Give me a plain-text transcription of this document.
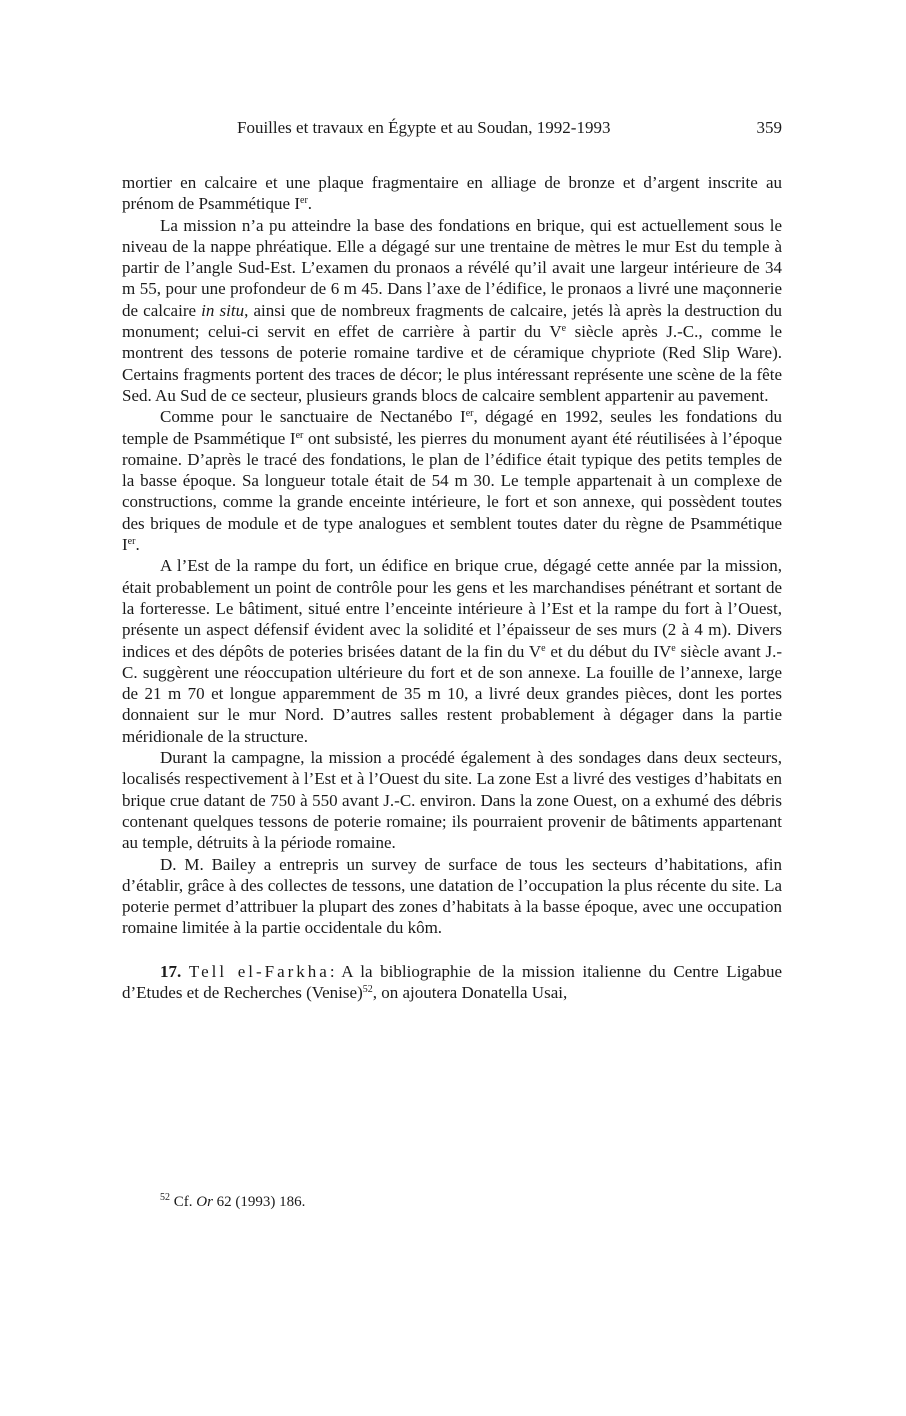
Fouilles et travaux en Égypte et au Soudan, 1992-1993	359

mortier en calcaire et une plaque fragmentaire en alliage de bronze et d’argent inscrite au prénom de Psammétique Ier.

La mission n’a pu atteindre la base des fondations en brique, qui est actuellement sous le niveau de la nappe phréatique. Elle a dégagé sur une trentaine de mètres le mur Est du temple à partir de l’angle Sud-Est. L’examen du pronaos a révélé qu’il avait une largeur intérieure de 34 m 55, pour une profondeur de 6 m 45. Dans l’axe de l’édifice, le pronaos a livré une maçonnerie de calcaire in situ, ainsi que de nombreux fragments de calcaire, jetés là après la destruction du monument; celui-ci servit en effet de carrière à partir du Ve siècle après J.-C., comme le montrent des tessons de poterie romaine tardive et de céramique chypriote (Red Slip Ware). Certains fragments portent des traces de décor; le plus intéressant représente une scène de la fête Sed. Au Sud de ce secteur, plusieurs grands blocs de calcaire semblent appartenir au pavement.

Comme pour le sanctuaire de Nectanébo Ier, dégagé en 1992, seules les fondations du temple de Psammétique Ier ont subsisté, les pierres du monument ayant été réutilisées à l’époque romaine. D’après le tracé des fondations, le plan de l’édifice était typique des petits temples de la basse époque. Sa longueur totale était de 54 m 30. Le temple appartenait à un complexe de constructions, comme la grande enceinte intérieure, le fort et son annexe, qui possèdent toutes des briques de module et de type analogues et semblent toutes dater du règne de Psammétique Ier.

A l’Est de la rampe du fort, un édifice en brique crue, dégagé cette année par la mission, était probablement un point de contrôle pour les gens et les marchandises pénétrant et sortant de la forteresse. Le bâtiment, situé entre l’enceinte intérieure à l’Est et la rampe du fort à l’Ouest, présente un aspect défensif évident avec la solidité et l’épaisseur de ses murs (2 à 4 m). Divers indices et des dépôts de poteries brisées datant de la fin du Ve et du début du IVe siècle avant J.-C. suggèrent une réoccupation ultérieure du fort et de son annexe. La fouille de l’annexe, large de 21 m 70 et longue apparemment de 35 m 10, a livré deux grandes pièces, dont les portes donnaient sur le mur Nord. D’autres salles restent probablement à dégager dans la partie méridionale de la structure.

Durant la campagne, la mission a procédé également à des sondages dans deux secteurs, localisés respectivement à l’Est et à l’Ouest du site. La zone Est a livré des vestiges d’habitats en brique crue datant de 750 à 550 avant J.-C. environ. Dans la zone Ouest, on a exhumé des débris contenant quelques tessons de poterie romaine; ils pourraient provenir de bâtiments appartenant au temple, détruits à la période romaine.

D. M. Bailey a entrepris un survey de surface de tous les secteurs d’habitations, afin d’établir, grâce à des collectes de tessons, une datation de l’occupation la plus récente du site. La poterie permet d’attribuer la plupart des zones d’habitats à la basse époque, avec une occupation romaine limitée à la partie occidentale du kôm.

17. Tell el-Farkha: A la bibliographie de la mission italienne du Centre Ligabue d’Etudes et de Recherches (Venise)$^{52}$, on ajoutera Donatella Usai,

$^{52}$ Cf. Or 62 (1993) 186.
